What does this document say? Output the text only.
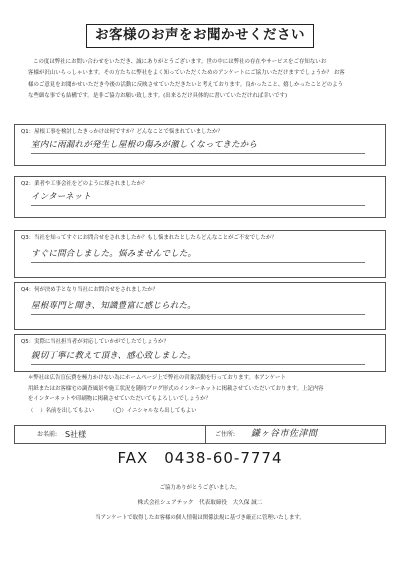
お客様のお声をお聞かせください

この度は弊社にお問い合わせをいただき、誠にありがとうございます。世の中には弊社の存在やサービスをご存知ないお

客様が沢山いらっしゃいます。その方たちに弊社をよく知っていただくためのアンケートにご協力いただけますでしょうか？ お客

様のご意見をお聞かせいただき今後の活動に反映させていただきたいと考えております。良かったこと、嬉しかったことどのよう

な些細な事でも結構です。是非ご協力お願い致します。(出来るだけ具体的に書いていただければ幸いです)

Q1：屋根工事を検討したきっかけは何ですか？どんなことで悩まれていましたか？
室内に雨漏れが発生し屋根の傷みが激しくなってきたから
Q2：業者や工事会社をどのように探されましたか？
インターネット
Q3：当社を知ってすぐにお問合せをされましたか？もし悩まれたとしたらどんなことがご不安でしたか？
すぐに問合しました。悩みませんでした。
Q4：何が決め手となり当社にお問合せをされましたか？
屋根専門と聞き、知識豊富に感じられた。
Q5：実際に当社担当者が対応していかがでしたでしょうか？
親切丁寧に教えて頂き、感心致しました。

＊弊社は広告宣伝費を極力かけない為にホームページ上で弊社の営業活動を行っております。本アンケート

用紙またはお客様宅の調査風景や施工状況を随時ブログ形式のインターネットに掲載させていただいております。上記内容

をインターネットや印刷物に掲載させていただいてもよろしいでしょうか？

（ ）名前を出してもよい	（○）イニシャルなら出してもよい
お名前: S社様	ご住所: 鎌ヶ谷市佐津間
FAX　0438-60-7774
ご協力ありがとうございました。
株式会社シェアテック　代表取締役　大久保 誠二
当アンケートで取得したお客様の個人情報は関係法規に基づき厳正に管理いたします。
